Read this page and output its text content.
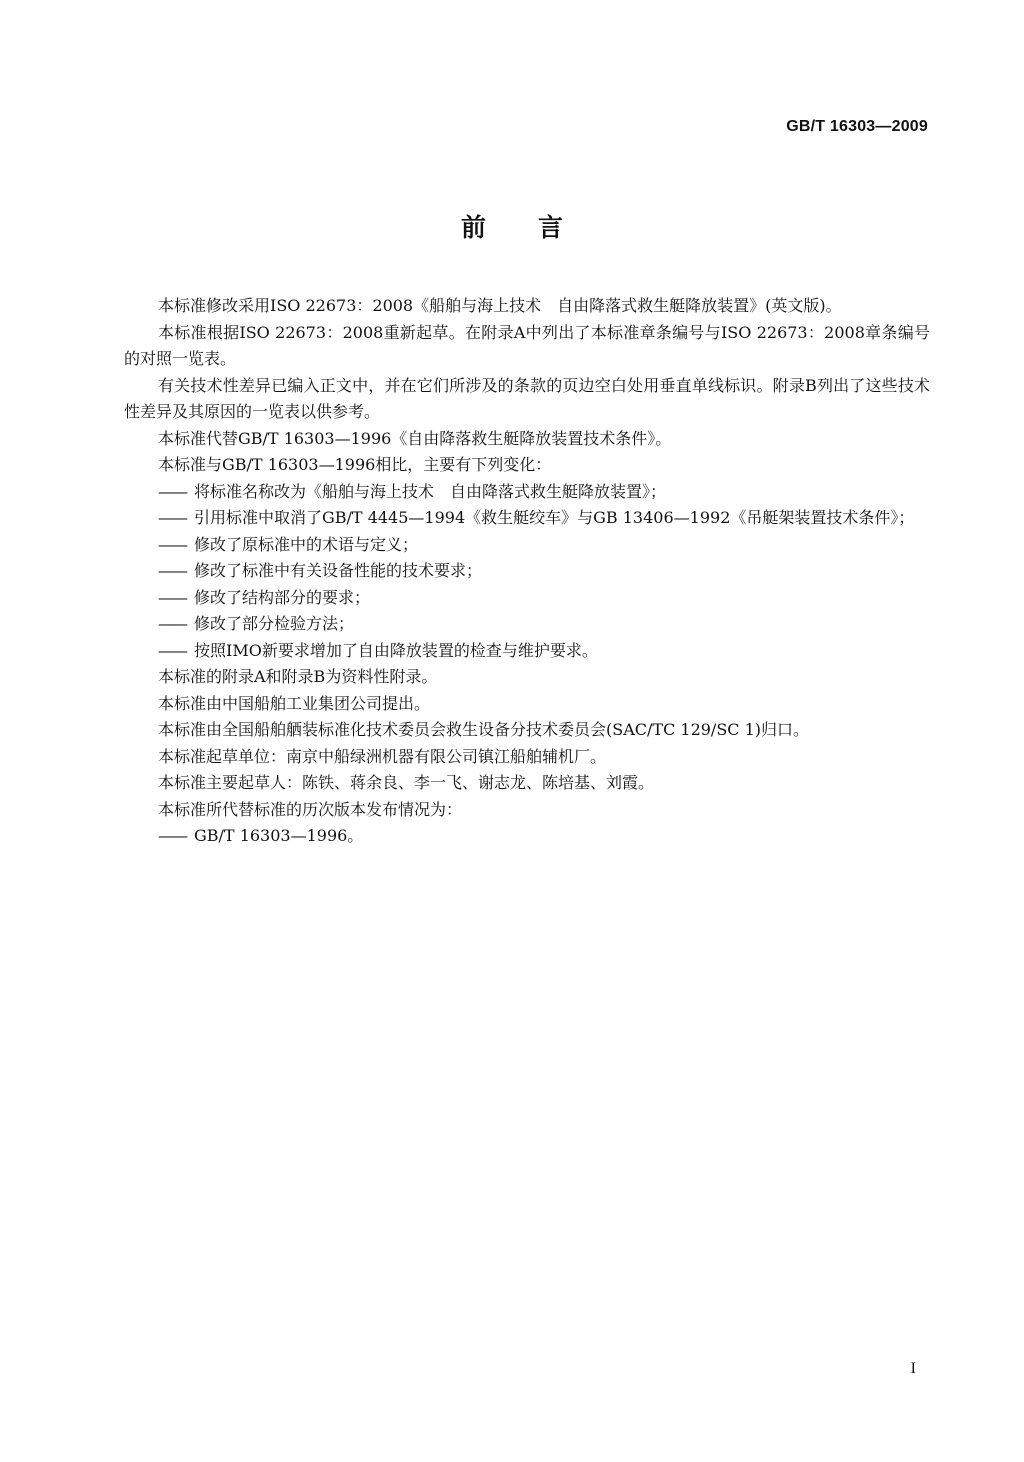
GB/T 16303—2009
前言

本标准修改采用ISO 22673：2008《船舶与海上技术　自由降落式救生艇降放装置》(英文版)。

本标准根据ISO 22673：2008重新起草。在附录A中列出了本标准章条编号与ISO 22673：2008章条编号的对照一览表。

有关技术性差异已编入正文中，并在它们所涉及的条款的页边空白处用垂直单线标识。附录B列出了这些技术性差异及其原因的一览表以供参考。

本标准代替GB/T 16303—1996《自由降落救生艇降放装置技术条件》。

本标准与GB/T 16303—1996相比，主要有下列变化：

—— 将标准名称改为《船舶与海上技术　自由降落式救生艇降放装置》；

—— 引用标准中取消了GB/T 4445—1994《救生艇绞车》与GB 13406—1992《吊艇架装置技术条件》；

—— 修改了原标准中的术语与定义；

—— 修改了标准中有关设备性能的技术要求；

—— 修改了结构部分的要求；

—— 修改了部分检验方法；

—— 按照IMO新要求增加了自由降放装置的检查与维护要求。

本标准的附录A和附录B为资料性附录。

本标准由中国船舶工业集团公司提出。

本标准由全国船舶舾装标准化技术委员会救生设备分技术委员会(SAC/TC 129/SC 1)归口。

本标准起草单位：南京中船绿洲机器有限公司镇江船舶辅机厂。

本标准主要起草人：陈铁、蒋余良、李一飞、谢志龙、陈培基、刘霞。

本标准所代替标准的历次版本发布情况为：

—— GB/T 16303—1996。

I
